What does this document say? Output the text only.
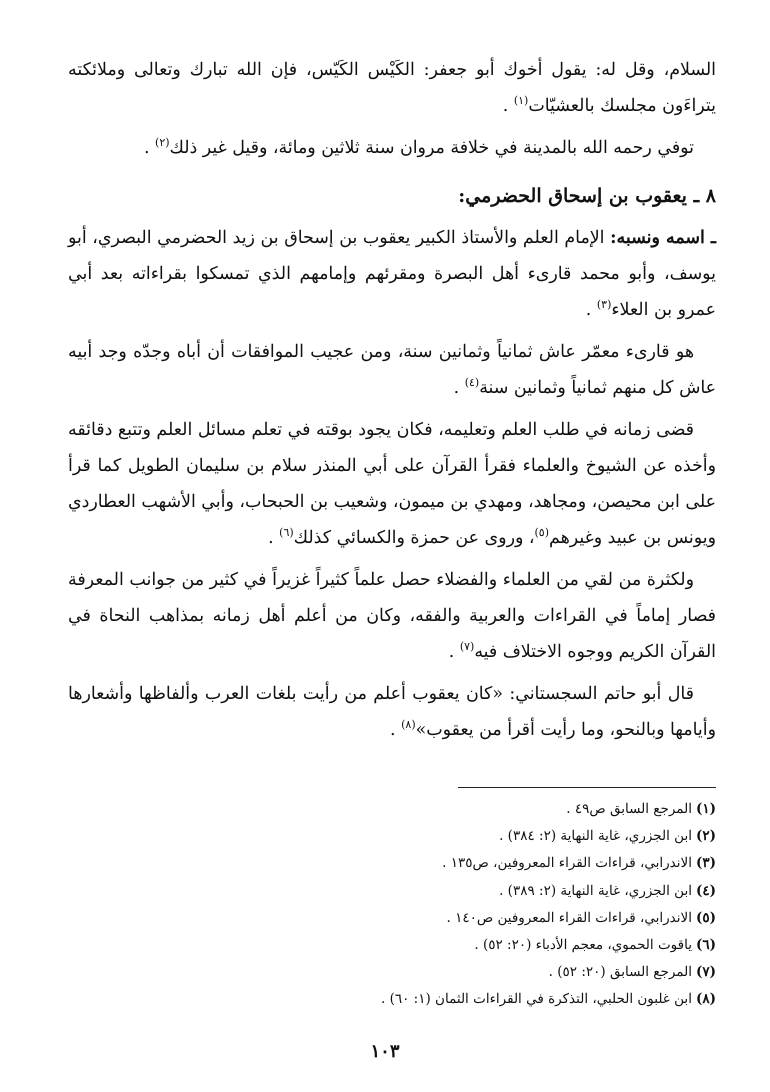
السلام، وقل له: يقول أخوك أبو جعفر: الكَيْس الكَيّس، فإن الله تبارك وتعالى وملائكته يتراءَون مجلسك بالعشيّات$^{(١)}$ .

توفي رحمه الله بالمدينة في خلافة مروان سنة ثلاثين ومائة، وقيل غير ذلك$^{(٢)}$ .

٨ ـ يعقوب بن إسحاق الحضرمي:

ـ اسمه ونسبه: الإمام العلم والأستاذ الكبير يعقوب بن إسحاق بن زيد الحضرمي البصري، أبو يوسف، وأبو محمد قارىء أهل البصرة ومقرئهم وإمامهم الذي تمسكوا بقراءاته بعد أبي عمرو بن العلاء$^{(٣)}$ .

هو قارىء معمّر عاش ثمانياً وثمانين سنة، ومن عجيب الموافقات أن أباه وجدّه وجد أبيه عاش كل منهم ثمانياً وثمانين سنة$^{(٤)}$ .

قضى زمانه في طلب العلم وتعليمه، فكان يجود بوقته في تعلم مسائل العلم وتتبع دقائقه وأخذه عن الشيوخ والعلماء فقرأ القرآن على أبي المنذر سلام بن سليمان الطويل كما قرأ على ابن محيصن، ومجاهد، ومهدي بن ميمون، وشعيب بن الحبحاب، وأبي الأشهب العطاردي ويونس بن عبيد وغيرهم$^{(٥)}$، وروى عن حمزة والكسائي كذلك$^{(٦)}$ .

ولكثرة من لقي من العلماء والفضلاء حصل علماً كثيراً غزيراً في كثير من جوانب المعرفة فصار إماماً في القراءات والعربية والفقه، وكان من أعلم أهل زمانه بمذاهب النحاة في القرآن الكريم ووجوه الاختلاف فيه$^{(٧)}$ .

قال أبو حاتم السجستاني: «كان يعقوب أعلم من رأيت بلغات العرب وألفاظها وأشعارها وأيامها وبالنحو، وما رأيت أقرأ من يعقوب»$^{(٨)}$ .

(١)المرجع السابق ص٤٩ .
(٢)ابن الجزري، غاية النهاية (٢: ٣٨٤) .
(٣)الاندرابي، قراءات القراء المعروفين، ص١٣٥ .
(٤)ابن الجزري، غاية النهاية (٢: ٣٨٩) .
(٥)الاندرابي، قراءات القراء المعروفين ص١٤٠ .
(٦)ياقوت الحموي، معجم الأدباء (٢٠: ٥٢) .
(٧)المرجع السابق (٢٠: ٥٢) .
(٨)ابن غلبون الحلبي، التذكرة في القراءات الثمان (١: ٦٠) .
١٠٣
